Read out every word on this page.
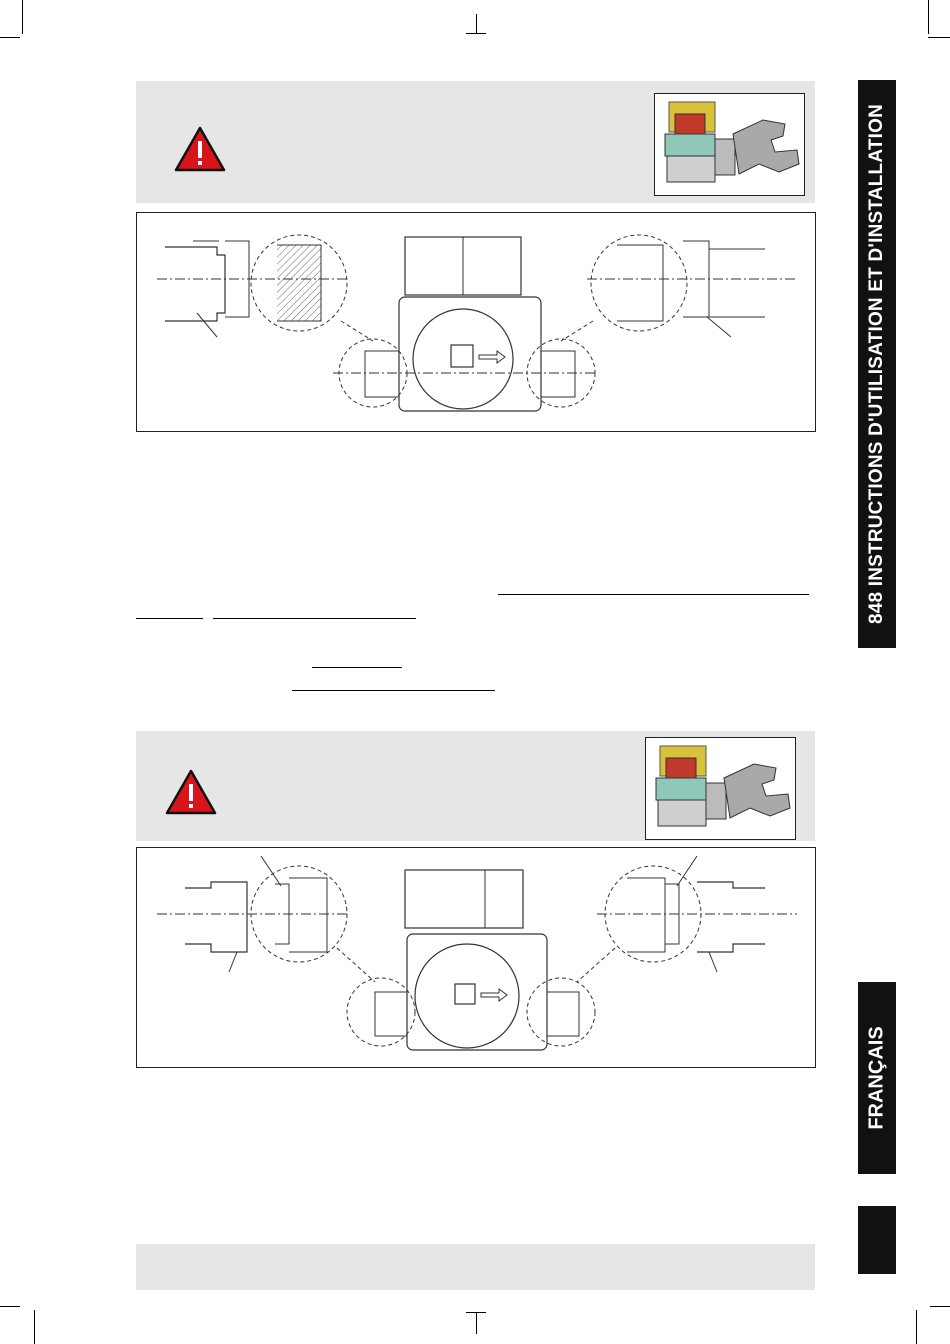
848 INSTRUCTIONS D'UTILISATION ET D'INSTALLATION
FRANÇAIS
